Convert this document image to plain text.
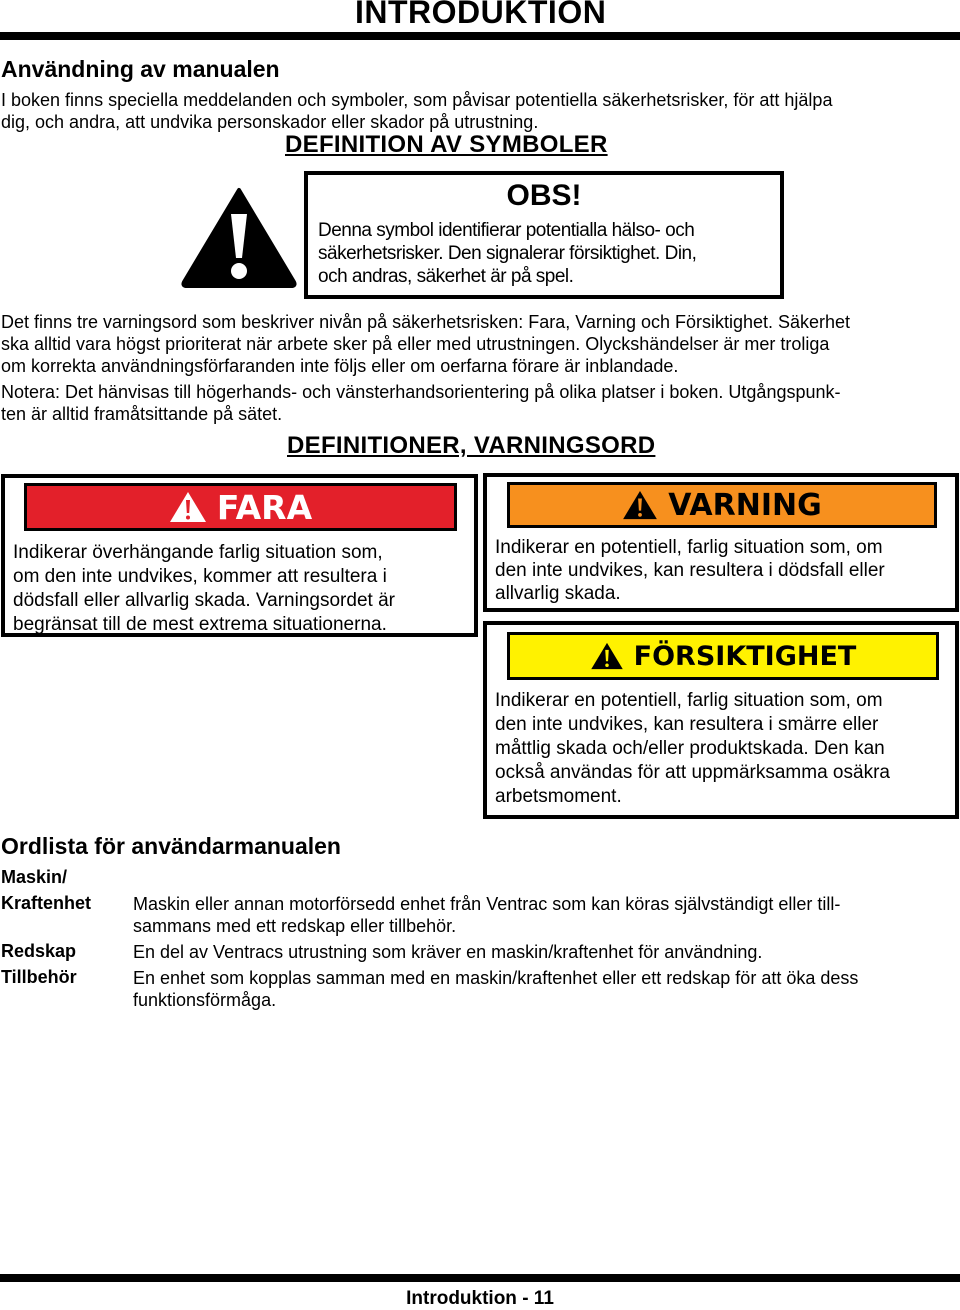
INTRODUKTION
Användning av manualen
I boken finns speciella meddelanden och symboler, som påvisar potentiella säkerhetsrisker, för att hjälpa
dig, och andra, att undvika personskador eller skador på utrustning.
DEFINITION AV SYMBOLER
OBS!
Denna symbol identifierar potentialla hälso- och
säkerhetsrisker. Den signalerar försiktighet. Din,
och andras, säkerhet är på spel.
Det finns tre varningsord som beskriver nivån på säkerhetsrisken: Fara, Varning och Försiktighet. Säkerhet
ska alltid vara högst prioriterat när arbete sker på eller med utrustningen. Olyckshändelser är mer troliga
om korrekta användningsförfaranden inte följs eller om oerfarna förare är inblandade.
Notera: Det hänvisas till högerhands- och vänsterhandsorientering på olika platser i boken. Utgångspunk-
ten är alltid framåtsittande på sätet.
DEFINITIONER, VARNINGSORD
FARA
Indikerar överhängande farlig situation som,
om den inte undvikes, kommer att resultera i
dödsfall eller allvarlig skada. Varningsordet är
begränsat till de mest extrema situationerna.
VARNING
Indikerar en potentiell, farlig situation som, om
den inte undvikes, kan resultera i dödsfall eller
allvarlig skada.
FÖRSIKTIGHET
Indikerar en potentiell, farlig situation som, om
den inte undvikes, kan resultera i smärre eller
måttlig skada och/eller produktskada. Den kan
också användas för att uppmärksamma osäkra
arbetsmoment.
Ordlista för användarmanualen
Maskin/
Kraftenhet Maskin eller annan motorförsedd enhet från Ventrac som kan köras självständigt eller till-
sammans med ett redskap eller tillbehör.
Redskap	En del av Ventracs utrustning som kräver en maskin/kraftenhet för användning.
Tillbehör	En enhet som kopplas samman med en maskin/kraftenhet eller ett redskap för att öka dess
funktionsförmåga.
Introduktion - 11
